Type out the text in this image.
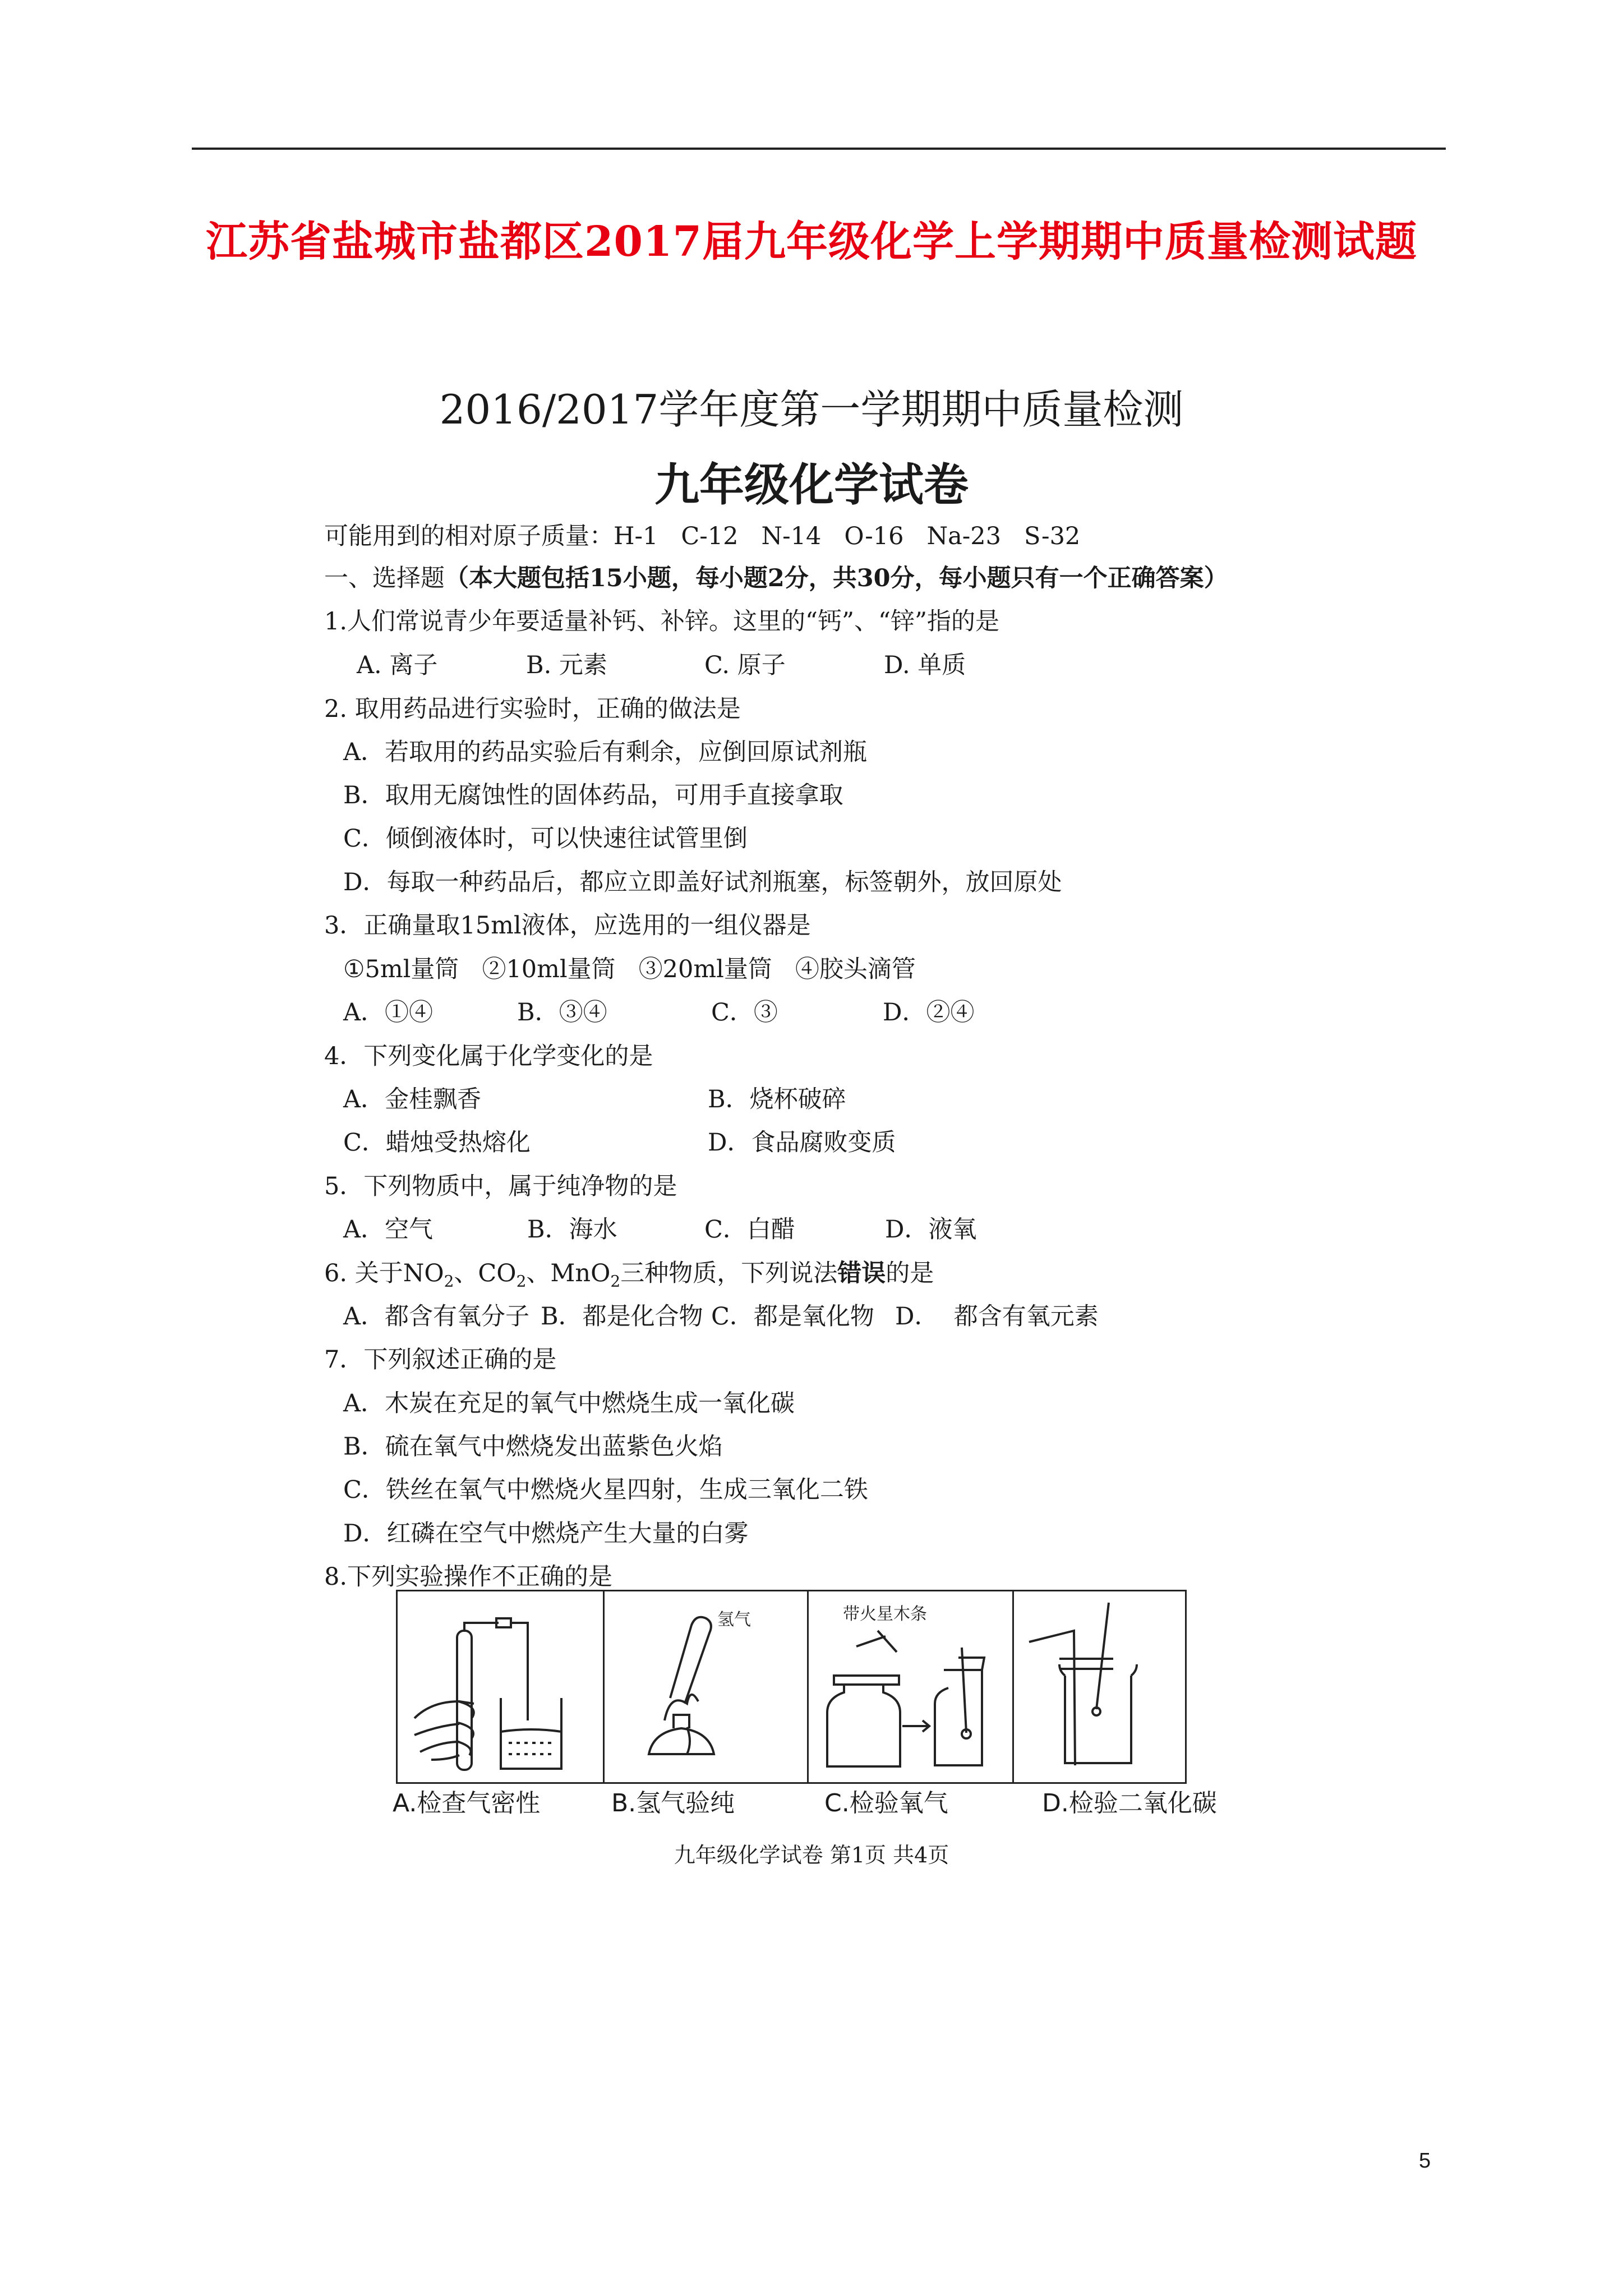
江苏省盐城市盐都区2017届九年级化学上学期期中质量检测试题
2016/2017学年度第一学期期中质量检测
九年级化学试卷
可能用到的相对原子质量：H-1   C-12   N-14   O-16   Na-23   S-32
一、选择题（本大题包括15小题，每小题2分，共30分，每小题只有一个正确答案）
1.人们常说青少年要适量补钙、补锌。这里的“钙”、“锌”指的是
A. 离子	B. 元素	C. 原子	D. 单质
2. 取用药品进行实验时，正确的做法是
A．若取用的药品实验后有剩余，应倒回原试剂瓶
B．取用无腐蚀性的固体药品，可用手直接拿取
C．倾倒液体时，可以快速往试管里倒
D．每取一种药品后，都应立即盖好试剂瓶塞，标签朝外，放回原处
3．正确量取15ml液体，应选用的一组仪器是
①5ml量筒   ②10ml量筒   ③20ml量筒   ④胶头滴管
A．①④	B．③④	C．③	D．②④
4．下列变化属于化学变化的是
A．金桂飘香	B．烧杯破碎
C．蜡烛受热熔化	D．食品腐败变质
5．下列物质中，属于纯净物的是
A．空气	B．海水	C．白醋	D．液氧
6. 关于$NO_2$、$CO_2$、MnO$_2$三种物质，下列说法错误的是
A．都含有氧分子 B．都是化合物 C．都是氧化物 D．  都含有氧元素
7．下列叙述正确的是
A．木炭在充足的氧气中燃烧生成一氧化碳
B．硫在氧气中燃烧发出蓝紫色火焰
C．铁丝在氧气中燃烧火星四射，生成三氧化二铁
D．红磷在空气中燃烧产生大量的白雾
8.下列实验操作不正确的是
氢气	带火星木条
A.检查气密性	B.氢气验纯	C.检验氧气	D.检验二氧化碳
九年级化学试卷 第1页 共4页
5
